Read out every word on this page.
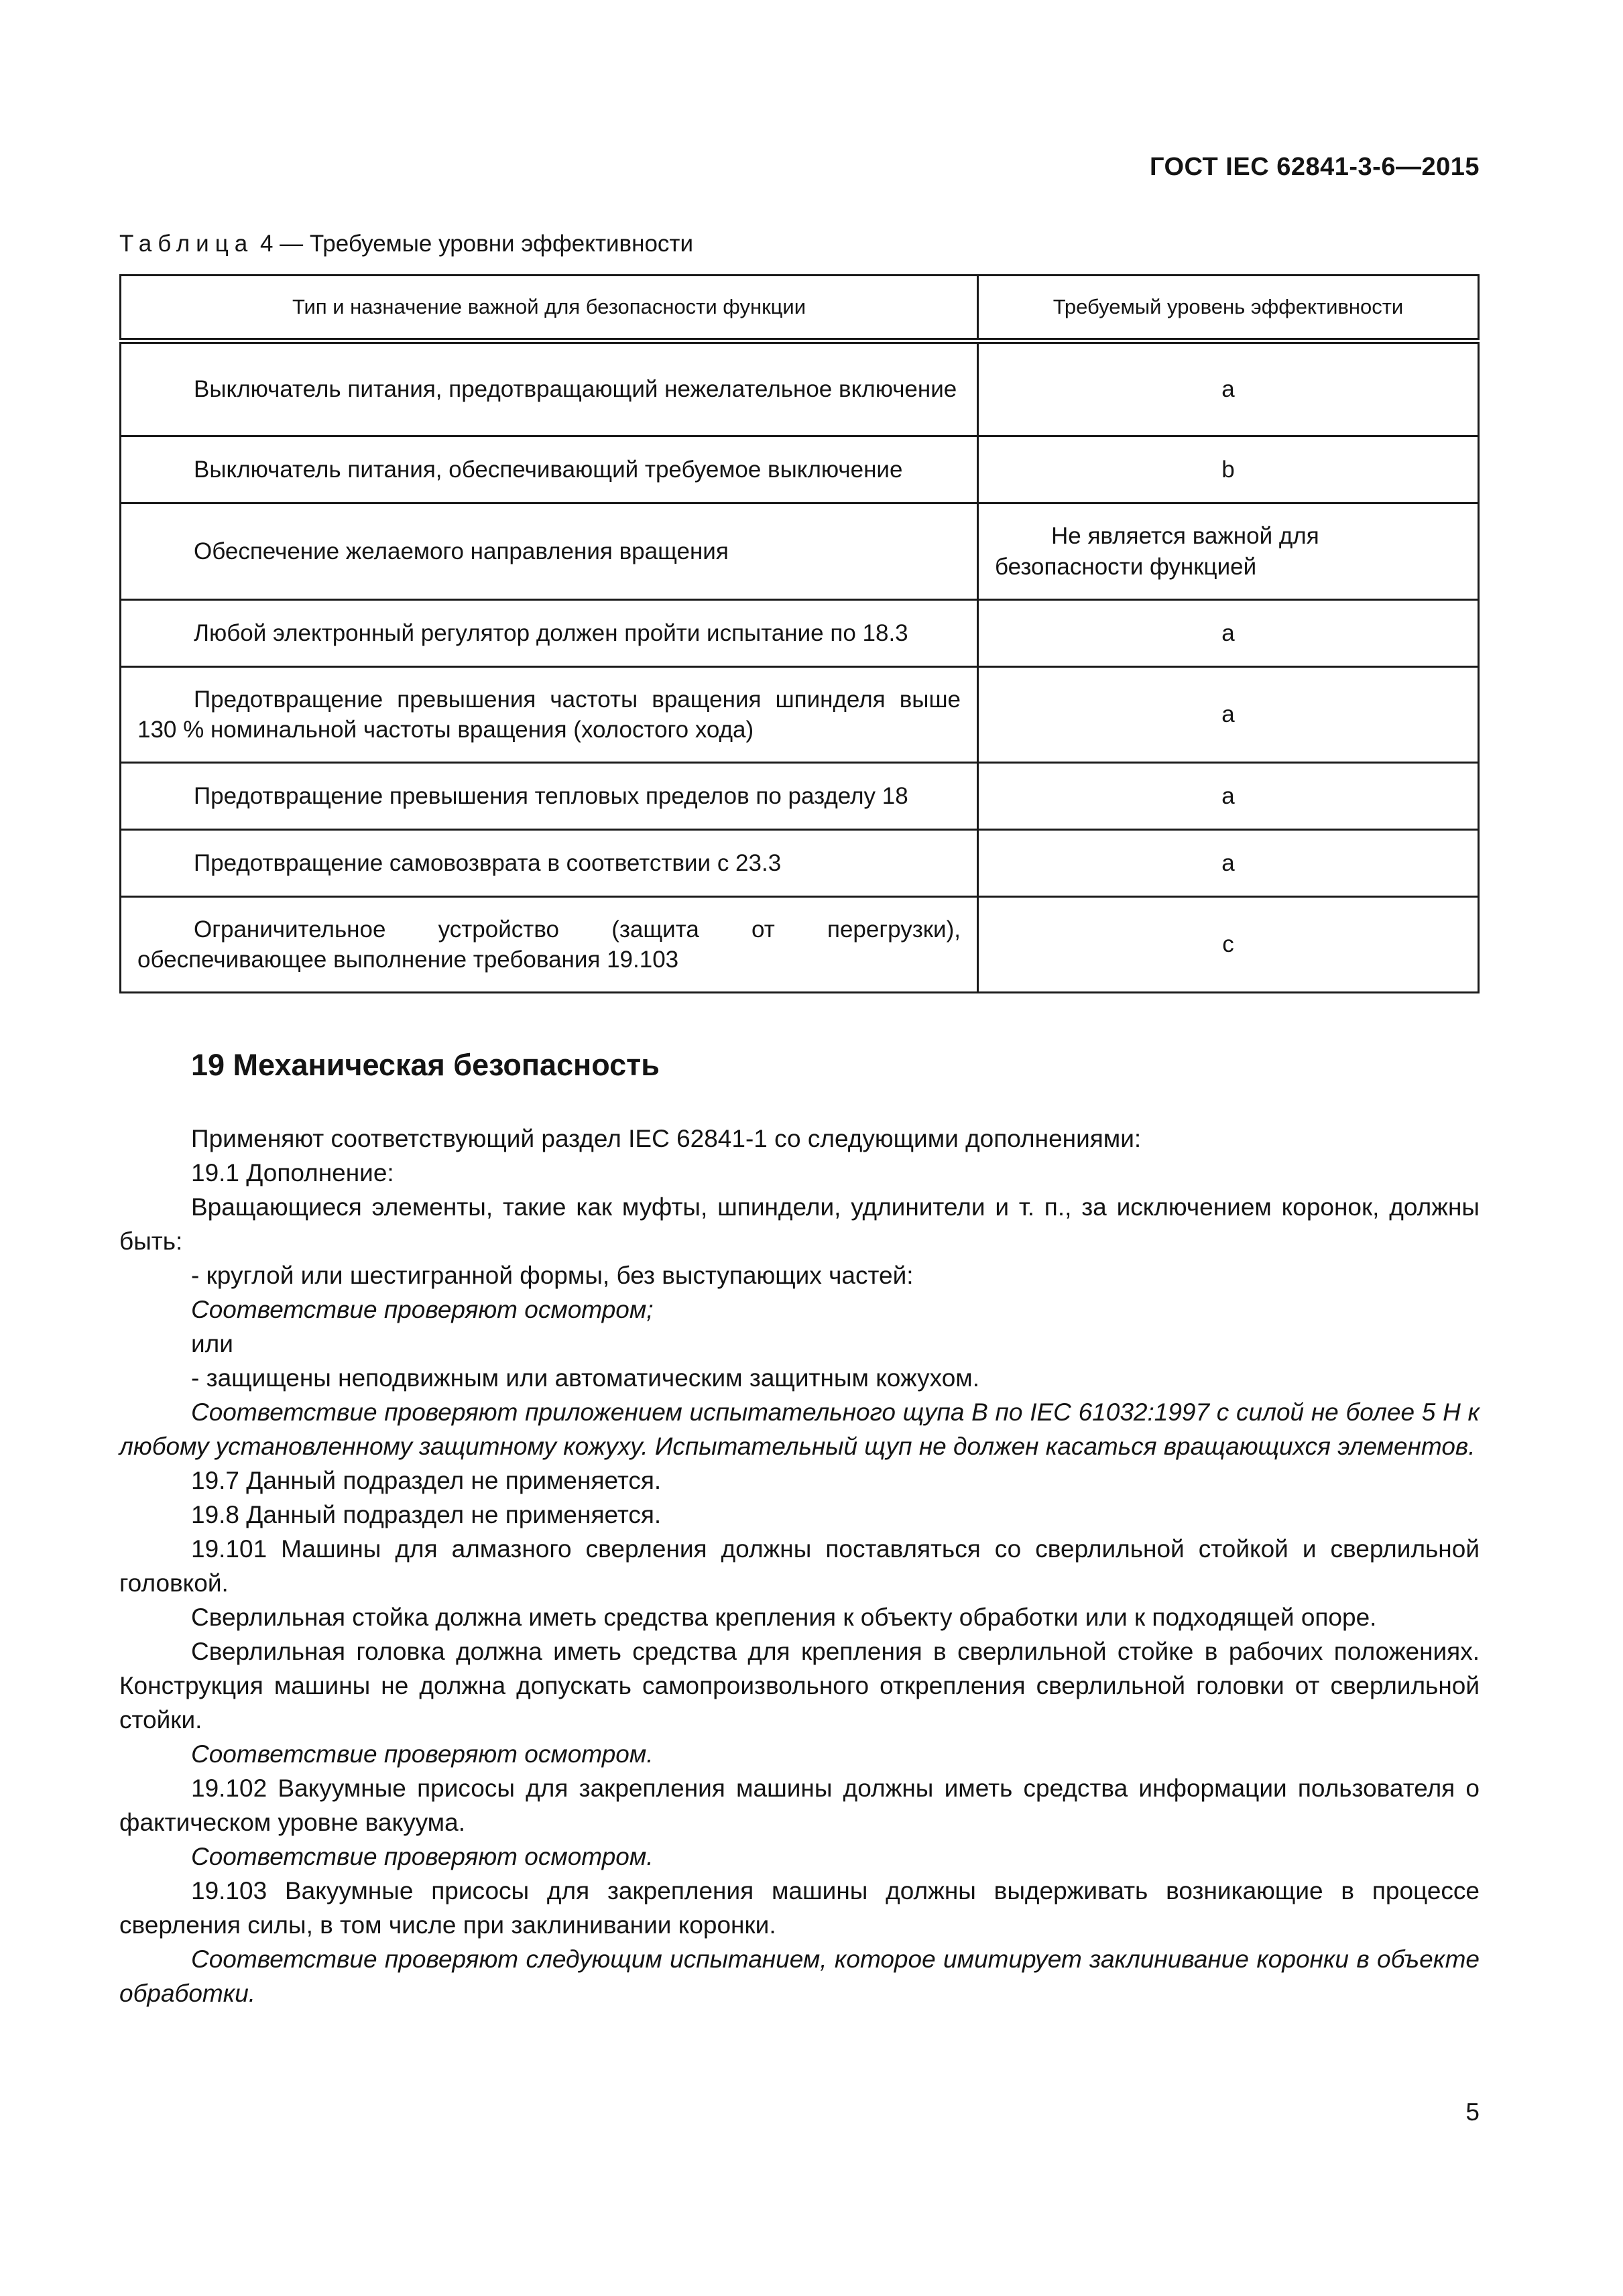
ГОСТ IEC 62841-3-6—2015
Таблица 4 — Требуемые уровни эффективности
Тип и назначение важной для безопасности функции	Требуемый уровень эффективности
Выключатель питания, предотвращающий нежелательное включение	a
Выключатель питания, обеспечивающий требуемое выключение	b
Обеспечение желаемого направления вращения	Не является важной для безопасности функцией
Любой электронный регулятор должен пройти испытание по 18.3	a
Предотвращение превышения частоты вращения шпинделя выше 130 % номинальной частоты вращения (холостого хода)	a
Предотвращение превышения тепловых пределов по разделу 18	a
Предотвращение самовозврата в соответствии с 23.3	a
Ограничительное устройство (защита от перегрузки), обеспечивающее выполнение требования 19.103	c
19 Механическая безопасность

Применяют соответствующий раздел IEC 62841-1 со следующими дополнениями:

19.1 Дополнение:

Вращающиеся элементы, такие как муфты, шпиндели, удлинители и т. п., за исключением коронок, должны быть:

- круглой или шестигранной формы, без выступающих частей:

Соответствие проверяют осмотром;

или

- защищены неподвижным или автоматическим защитным кожухом.

Соответствие проверяют приложением испытательного щупа В по IEC 61032:1997 с силой не более 5 Н к любому установленному защитному кожуху. Испытательный щуп не должен касаться вращающихся элементов.

19.7 Данный подраздел не применяется.

19.8 Данный подраздел не применяется.

19.101 Машины для алмазного сверления должны поставляться со сверлильной стойкой и сверлильной головкой.

Сверлильная стойка должна иметь средства крепления к объекту обработки или к подходящей опоре.

Сверлильная головка должна иметь средства для крепления в сверлильной стойке в рабочих положениях. Конструкция машины не должна допускать самопроизвольного открепления сверлильной головки от сверлильной стойки.

Соответствие проверяют осмотром.

19.102 Вакуумные присосы для закрепления машины должны иметь средства информации пользователя о фактическом уровне вакуума.

Соответствие проверяют осмотром.

19.103 Вакуумные присосы для закрепления машины должны выдерживать возникающие в процессе сверления силы, в том числе при заклинивании коронки.

Соответствие проверяют следующим испытанием, которое имитирует заклинивание коронки в объекте обработки.

5
